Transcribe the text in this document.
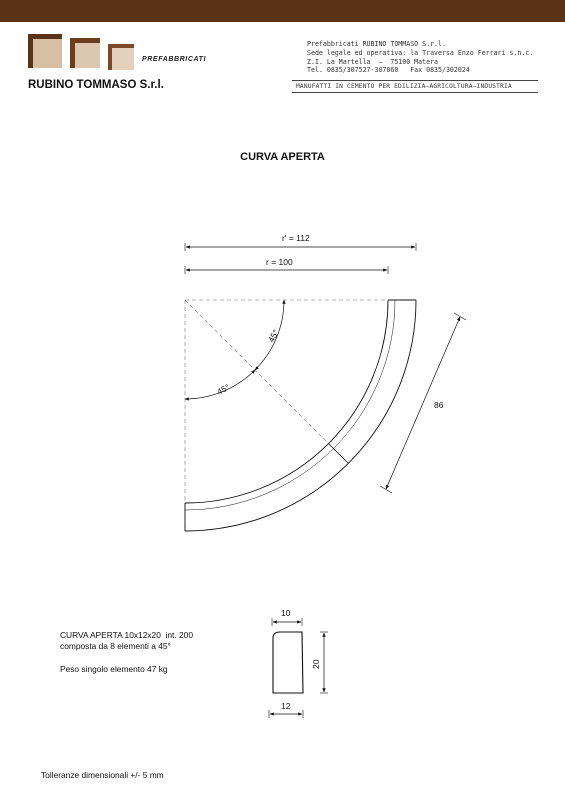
PREFABBRICATI
RUBINO TOMMASO S.r.l.
Prefabbricati RUBINO TOMMASO S.r.l.
Sede legale ed operativa: la Traversa Enzo Ferrari s.n.c.
Z.I. La Martella  –  75100 Matera
Tel. 0835/307527-307060   Fax 0835/302024
MANUFATTI IN CEMENTO PER EDILIZIA–AGRICOLTURA–INDUSTRIA
CURVA APERTA
r' = 112
r = 100
45°
45°
86
10
20
12
CURVA APERTA 10x12x20  int. 200
composta da 8 elementi a 45°
Peso singolo elemento 47 kg
Tolleranze dimensionali +/- 5 mm
